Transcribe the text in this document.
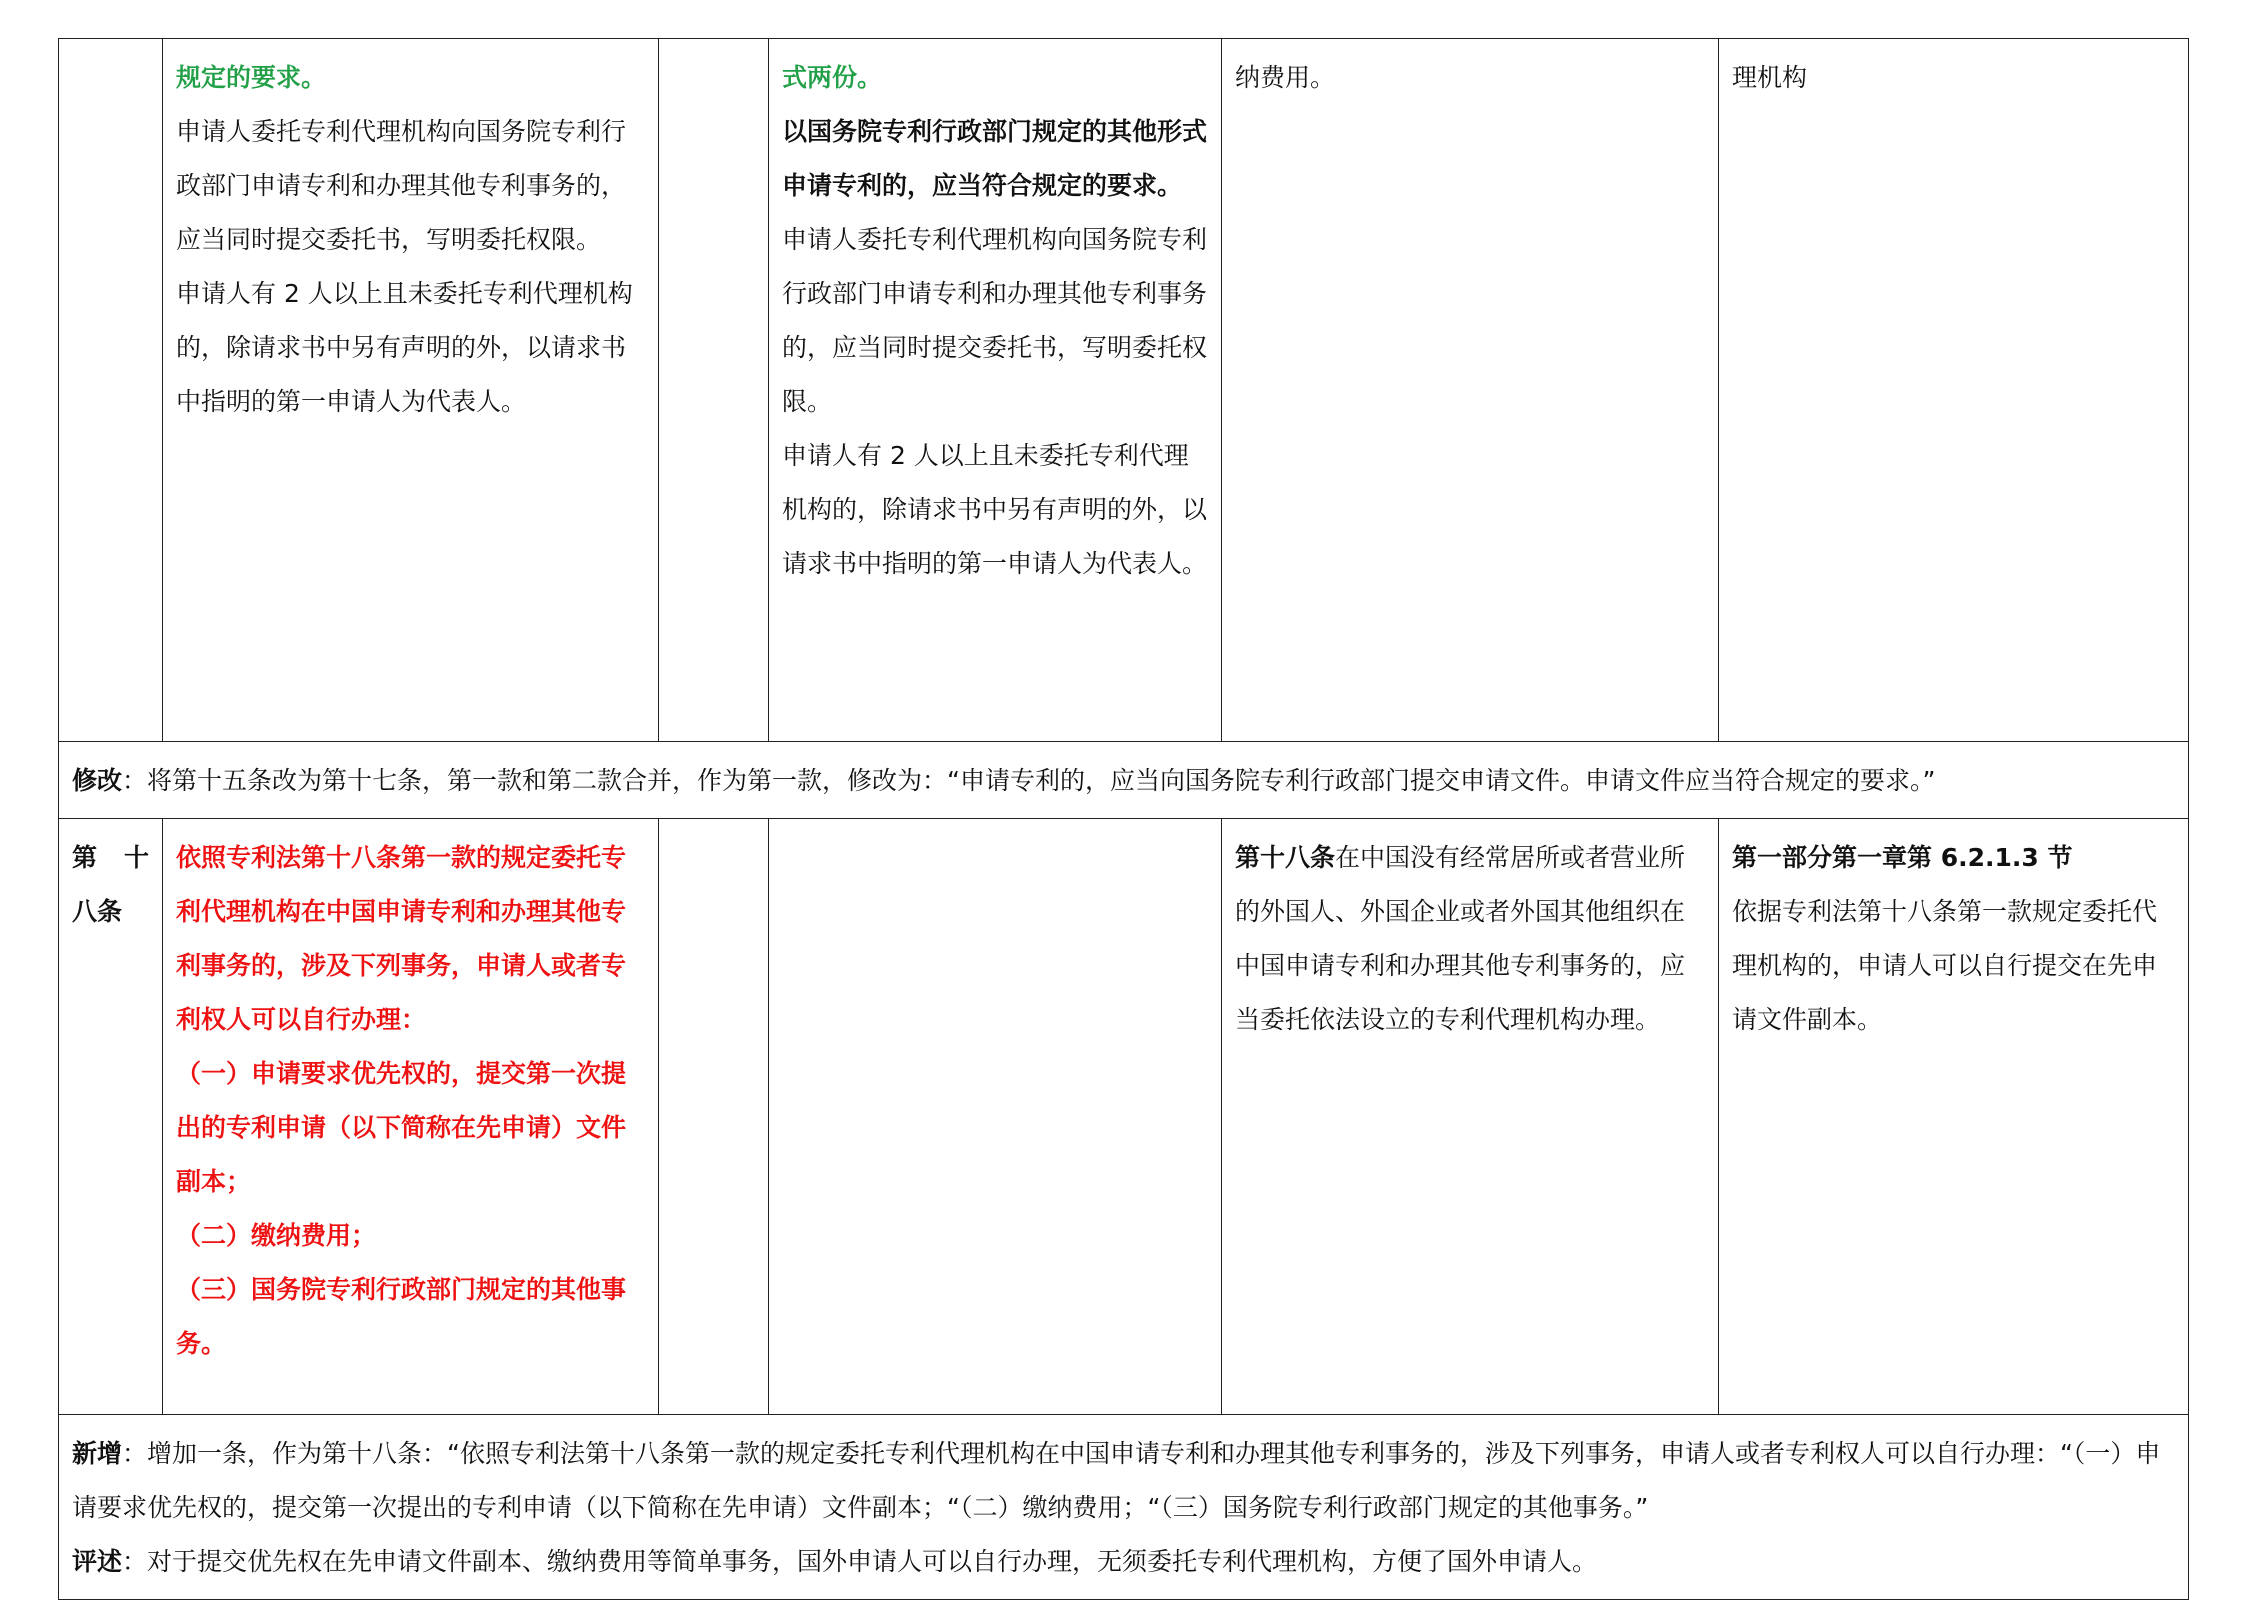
	规定的要求。
申请人委托专利代理机构向国务院专利行政部门申请专利和办理其他专利事务的，应当同时提交委托书，写明委托权限。
申请人有 2 人以上且未委托专利代理机构的，除请求书中另有声明的外，以请求书中指明的第一申请人为代表人。		式两份。
以国务院专利行政部门规定的其他形式申请专利的，应当符合规定的要求。
申请人委托专利代理机构向国务院专利行政部门申请专利和办理其他专利事务的，应当同时提交委托书，写明委托权限。
申请人有 2 人以上且未委托专利代理机构的，除请求书中另有声明的外，以请求书中指明的第一申请人为代表人。	纳费用。	理机构

修改：将第十五条改为第十七条，第一款和第二款合并，作为第一款，修改为：“申请专利的，应当向国务院专利行政部门提交申请文件。申请文件应当符合规定的要求。”					

第 十
八条	依照专利法第十八条第一款的规定委托专利代理机构在中国申请专利和办理其他专利事务的，涉及下列事务，申请人或者专利权人可以自行办理：
（一）申请要求优先权的，提交第一次提出的专利申请（以下简称在先申请）文件副本；
（二）缴纳费用；
（三）国务院专利行政部门规定的其他事务。			第十八条在中国没有经常居所或者营业所的外国人、外国企业或者外国其他组织在中国申请专利和办理其他专利事务的，应当委托依法设立的专利代理机构办理。	第一部分第一章第 6.2.1.3 节
依据专利法第十八条第一款规定委托代理机构的，申请人可以自行提交在先申请文件副本。

新增：增加一条，作为第十八条：“依照专利法第十八条第一款的规定委托专利代理机构在中国申请专利和办理其他专利事务的，涉及下列事务，申请人或者专利权人可以自行办理：“（一）申请要求优先权的，提交第一次提出的专利申请（以下简称在先申请）文件副本；“（二）缴纳费用；“（三）国务院专利行政部门规定的其他事务。”
评述：对于提交优先权在先申请文件副本、缴纳费用等简单事务，国外申请人可以自行办理，无须委托专利代理机构，方便了国外申请人。					
